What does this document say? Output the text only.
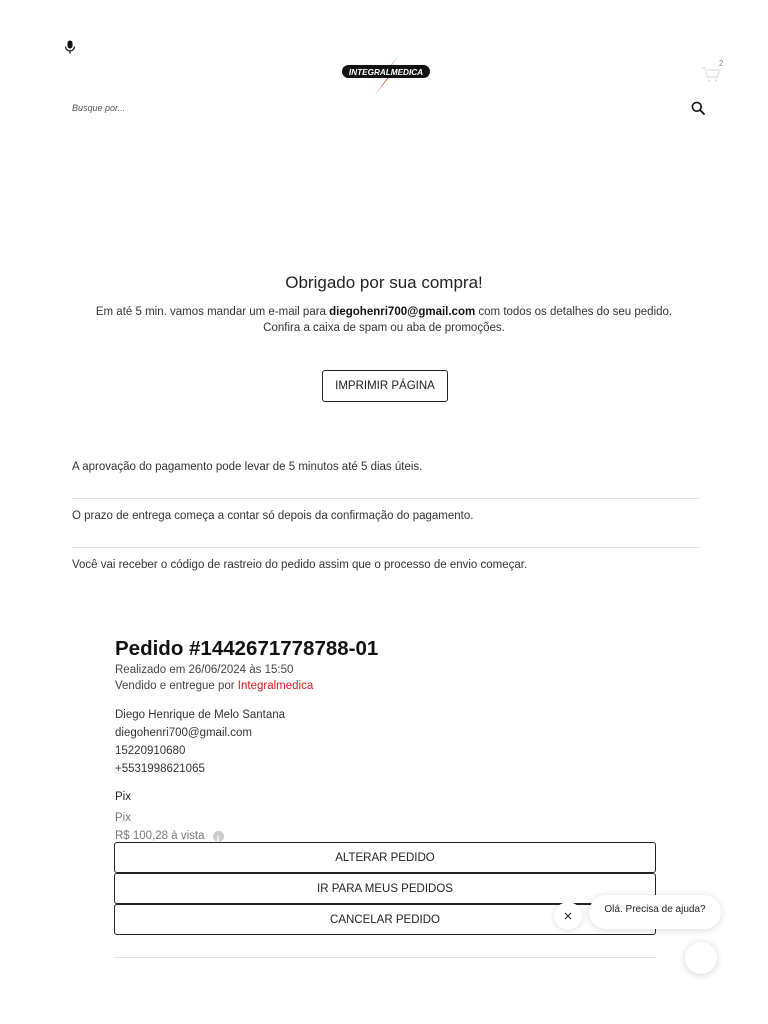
INTEGRALMEDICA
2
Busque por...
Obrigado por sua compra!
Em até 5 min. vamos mandar um e-mail para diegohenri700@gmail.com com todos os detalhes do seu pedido.
Confira a caixa de spam ou aba de promoções.
IMPRIMIR PÁGINA
A aprovação do pagamento pode levar de 5 minutos até 5 dias úteis.
O prazo de entrega começa a contar só depois da confirmação do pagamento.
Você vai receber o código de rastreio do pedido assim que o processo de envio começar.
Pedido #1442671778788-01
Realizado em 26/06/2024 às 15:50
Vendido e entregue por Integralmedica
Diego Henrique de Melo Santana
diegohenri700@gmail.com
15220910680
+5531998621065
Pix
Pix
R$ 100,28 à vista
i
ALTERAR PEDIDO
IR PARA MEUS PEDIDOS
CANCELAR PEDIDO
Olá. Precisa de ajuda?
